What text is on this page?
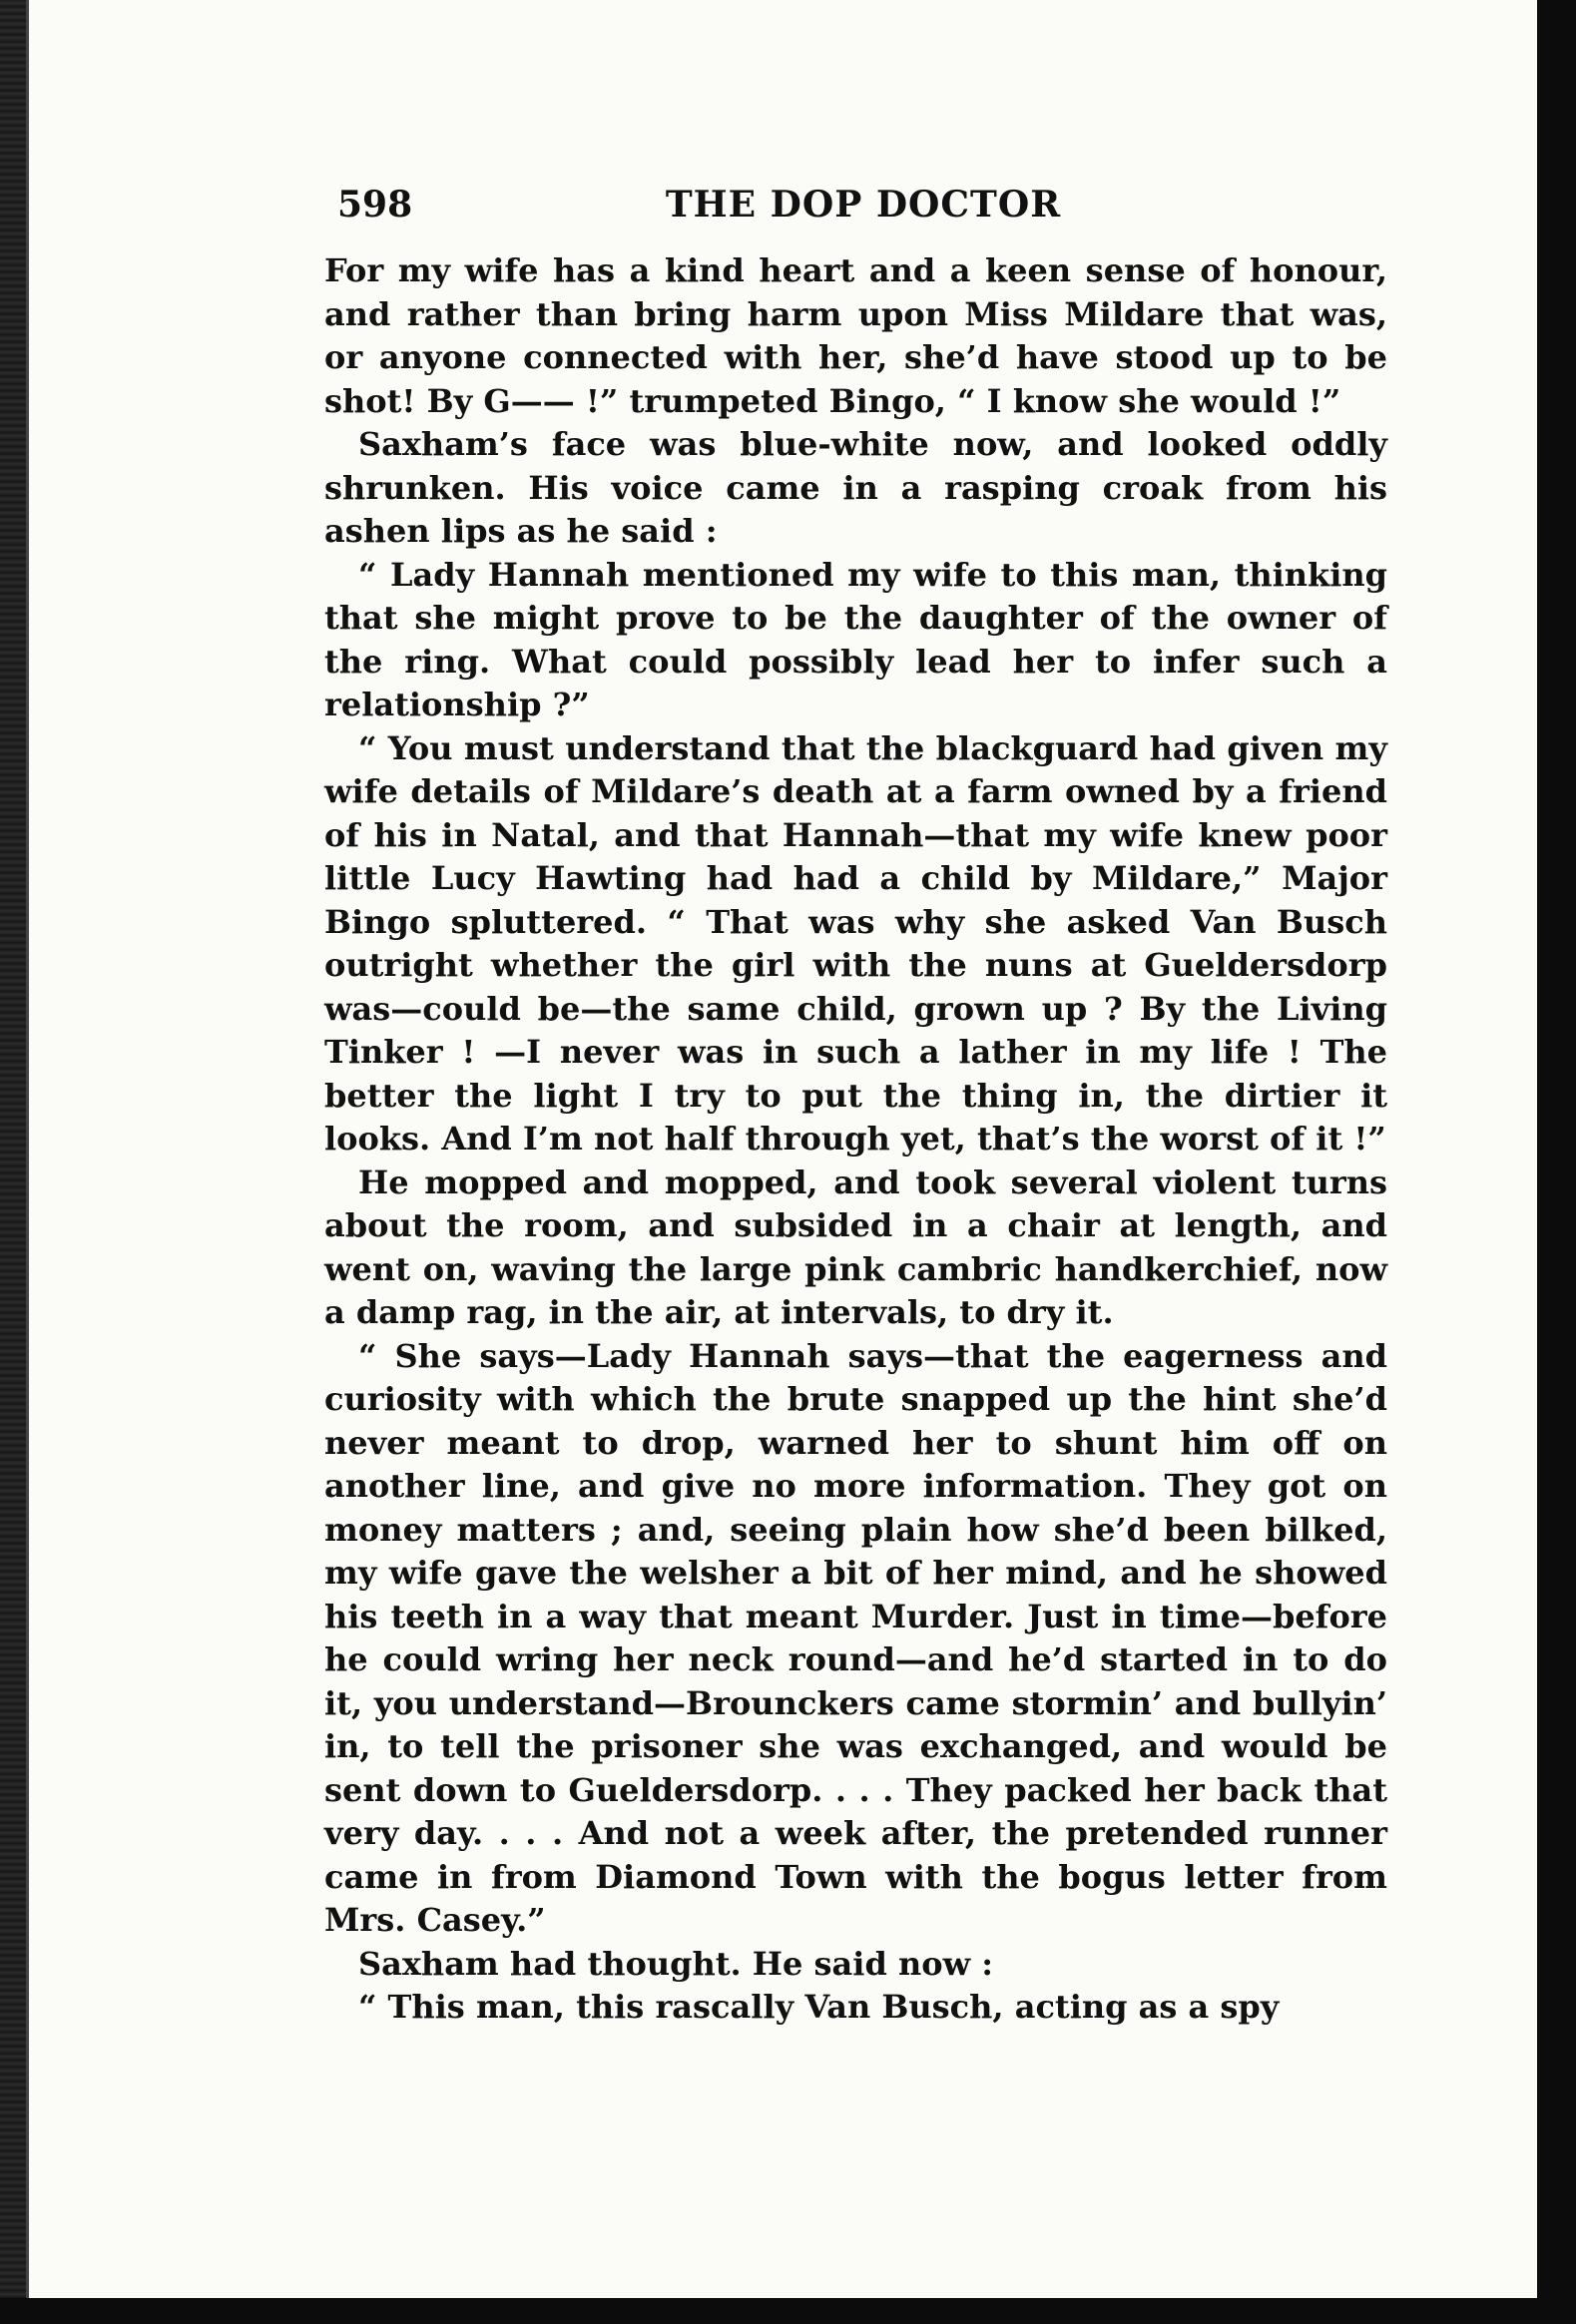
598	THE DOP DOCTOR

For my wife has a kind heart and a keen sense of honour, and rather than bring harm upon Miss Mildare that was, or anyone connected with her, she’d have stood up to be shot! By G—— !” trumpeted Bingo, “ I know she would !”

Saxham’s face was blue-white now, and looked oddly shrunken. His voice came in a rasping croak from his ashen lips as he said :

“ Lady Hannah mentioned my wife to this man, thinking that she might prove to be the daughter of the owner of the ring. What could possibly lead her to infer such a relationship ?”

“ You must understand that the blackguard had given my wife details of Mildare’s death at a farm owned by a friend of his in Natal, and that Hannah—that my wife knew poor little Lucy Hawting had had a child by Mildare,” Major Bingo spluttered. “ That was why she asked Van Busch outright whether the girl with the nuns at Gueldersdorp was—could be—the same child, grown up ? By the Living Tinker ! —I never was in such a lather in my life ! The better the light I try to put the thing in, the dirtier it looks. And I’m not half through yet, that’s the worst of it !”

He mopped and mopped, and took several violent turns about the room, and subsided in a chair at length, and went on, waving the large pink cambric handkerchief, now a damp rag, in the air, at intervals, to dry it.

“ She says—Lady Hannah says—that the eagerness and curiosity with which the brute snapped up the hint she’d never meant to drop, warned her to shunt him off on another line, and give no more information. They got on money matters ; and, seeing plain how she’d been bilked, my wife gave the welsher a bit of her mind, and he showed his teeth in a way that meant Murder. Just in time—before he could wring her neck round—and he’d started in to do it, you understand—Brounckers came stormin’ and bullyin’ in, to tell the prisoner she was exchanged, and would be sent down to Gueldersdorp. . . . They packed her back that very day. . . . And not a week after, the pretended runner came in from Diamond Town with the bogus letter from Mrs. Casey.”

Saxham had thought. He said now :

“ This man, this rascally Van Busch, acting as a spy
